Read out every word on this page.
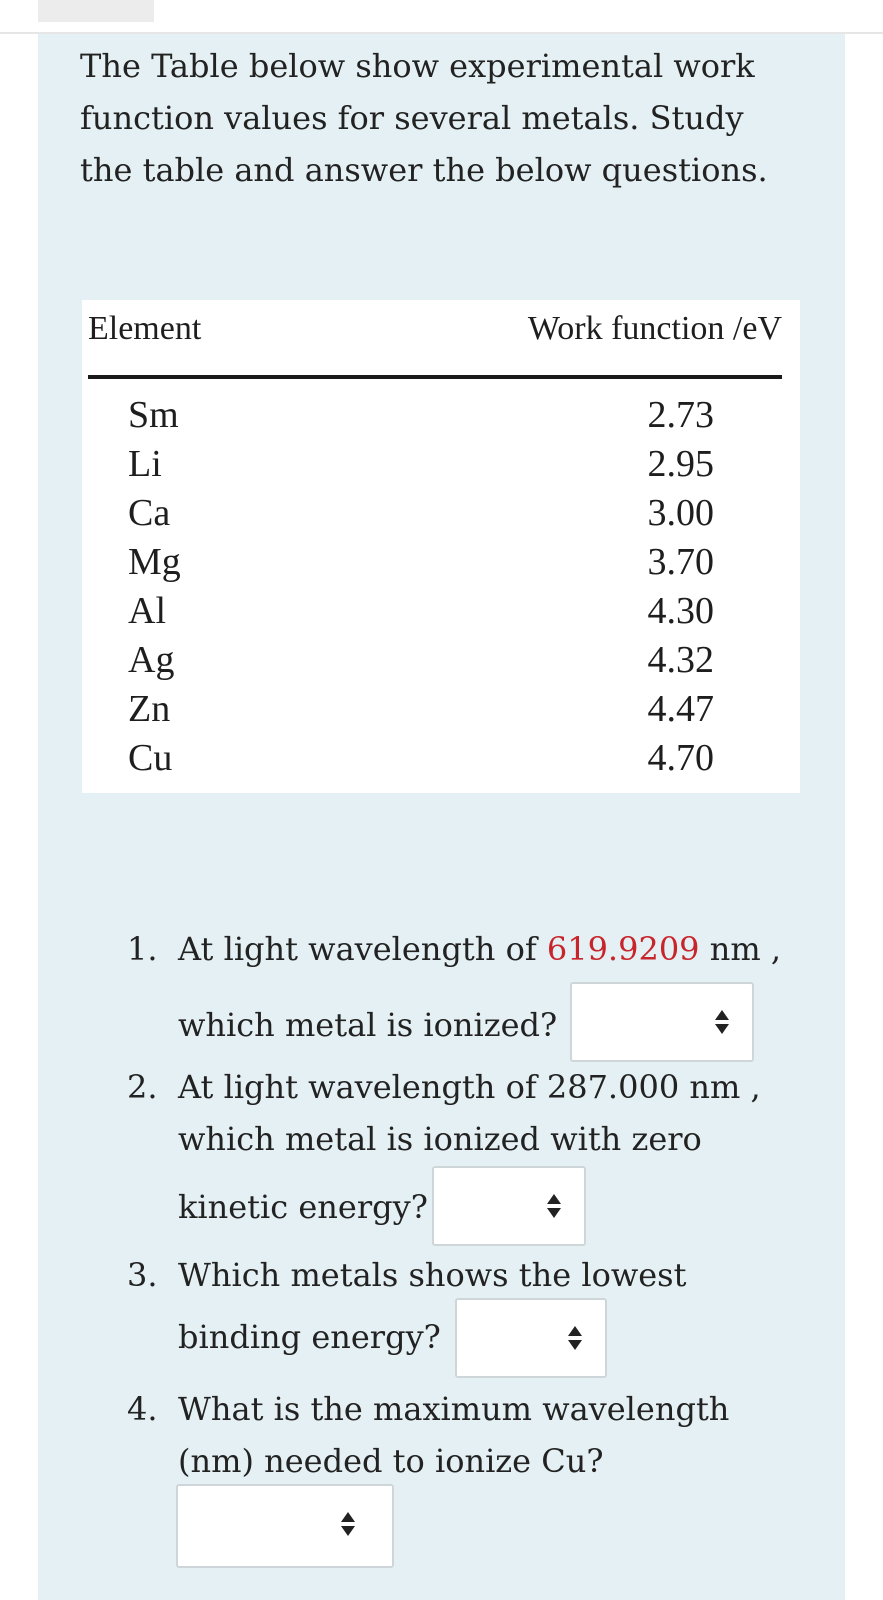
The Table below show experimental work
function values for several metals. Study
the table and answer the below questions.
Element	Work function /eV
Sm	2.73
Li	2.95
Ca	3.00
Mg	3.70
Al	4.30
Ag	4.32
Zn	4.47
Cu	4.70
1. At light wavelength of 619.9209 nm ,
which metal is ionized?
2. At light wavelength of 287.000 nm ,
which metal is ionized with zero
kinetic energy?
3. Which metals shows the lowest
binding energy?
4. What is the maximum wavelength
(nm) needed to ionize Cu?
